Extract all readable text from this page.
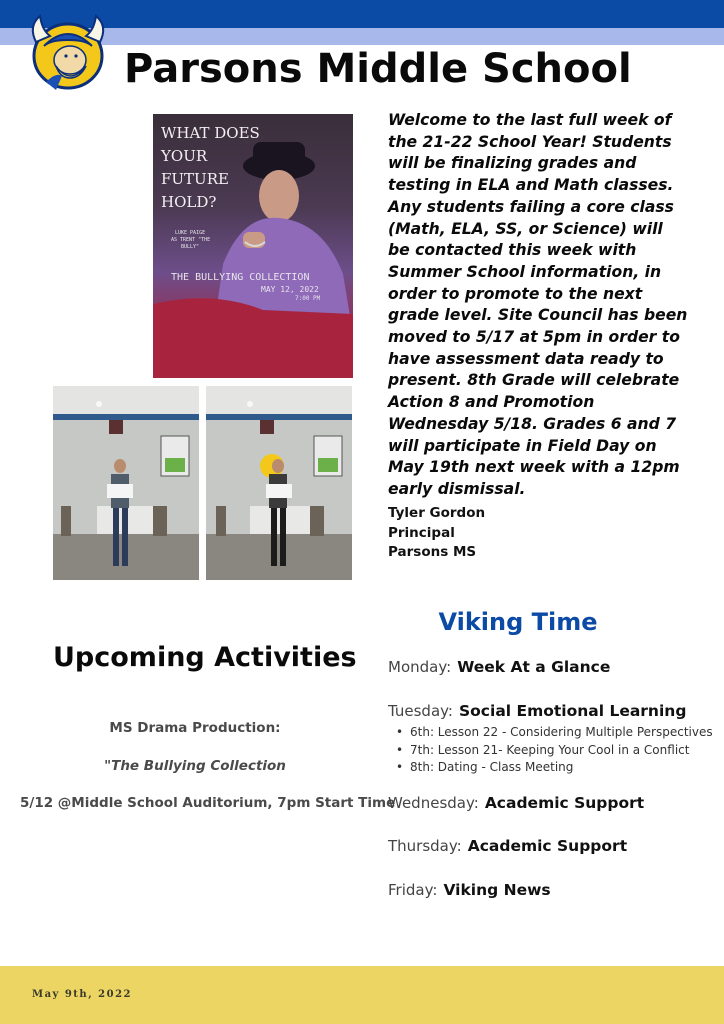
Parsons Middle School
WHAT DOES
YOUR
FUTURE
HOLD?
LUKE PAIGE
AS TRENT "THE
BULLY"
THE BULLYING COLLECTION
MAY 12, 2022
7:00 PM
Welcome to the last full week of the 21-22 School Year! Students will be finalizing grades and testing in ELA and Math classes. Any students failing a core class (Math, ELA, SS, or Science) will be contacted this week with Summer School information, in order to promote to the next grade level. Site Council has been moved to 5/17 at 5pm in order to have assessment data ready to present. 8th Grade will celebrate Action 8 and Promotion Wednesday 5/18. Grades 6 and 7 will participate in Field Day on May 19th next week with a 12pm early dismissal.
Tyler Gordon
Principal
Parsons MS
Upcoming Activities
MS Drama Production:
"The Bullying Collection
5/12 @Middle School Auditorium, 7pm Start Time
Viking Time
Monday: Week At a Glance
Tuesday: Social Emotional Learning
• 6th: Lesson 22 - Considering Multiple Perspectives
• 7th: Lesson 21- Keeping Your Cool in a Conflict
• 8th: Dating - Class Meeting
Wednesday: Academic Support
Thursday: Academic Support
Friday: Viking News
May 9th, 2022
